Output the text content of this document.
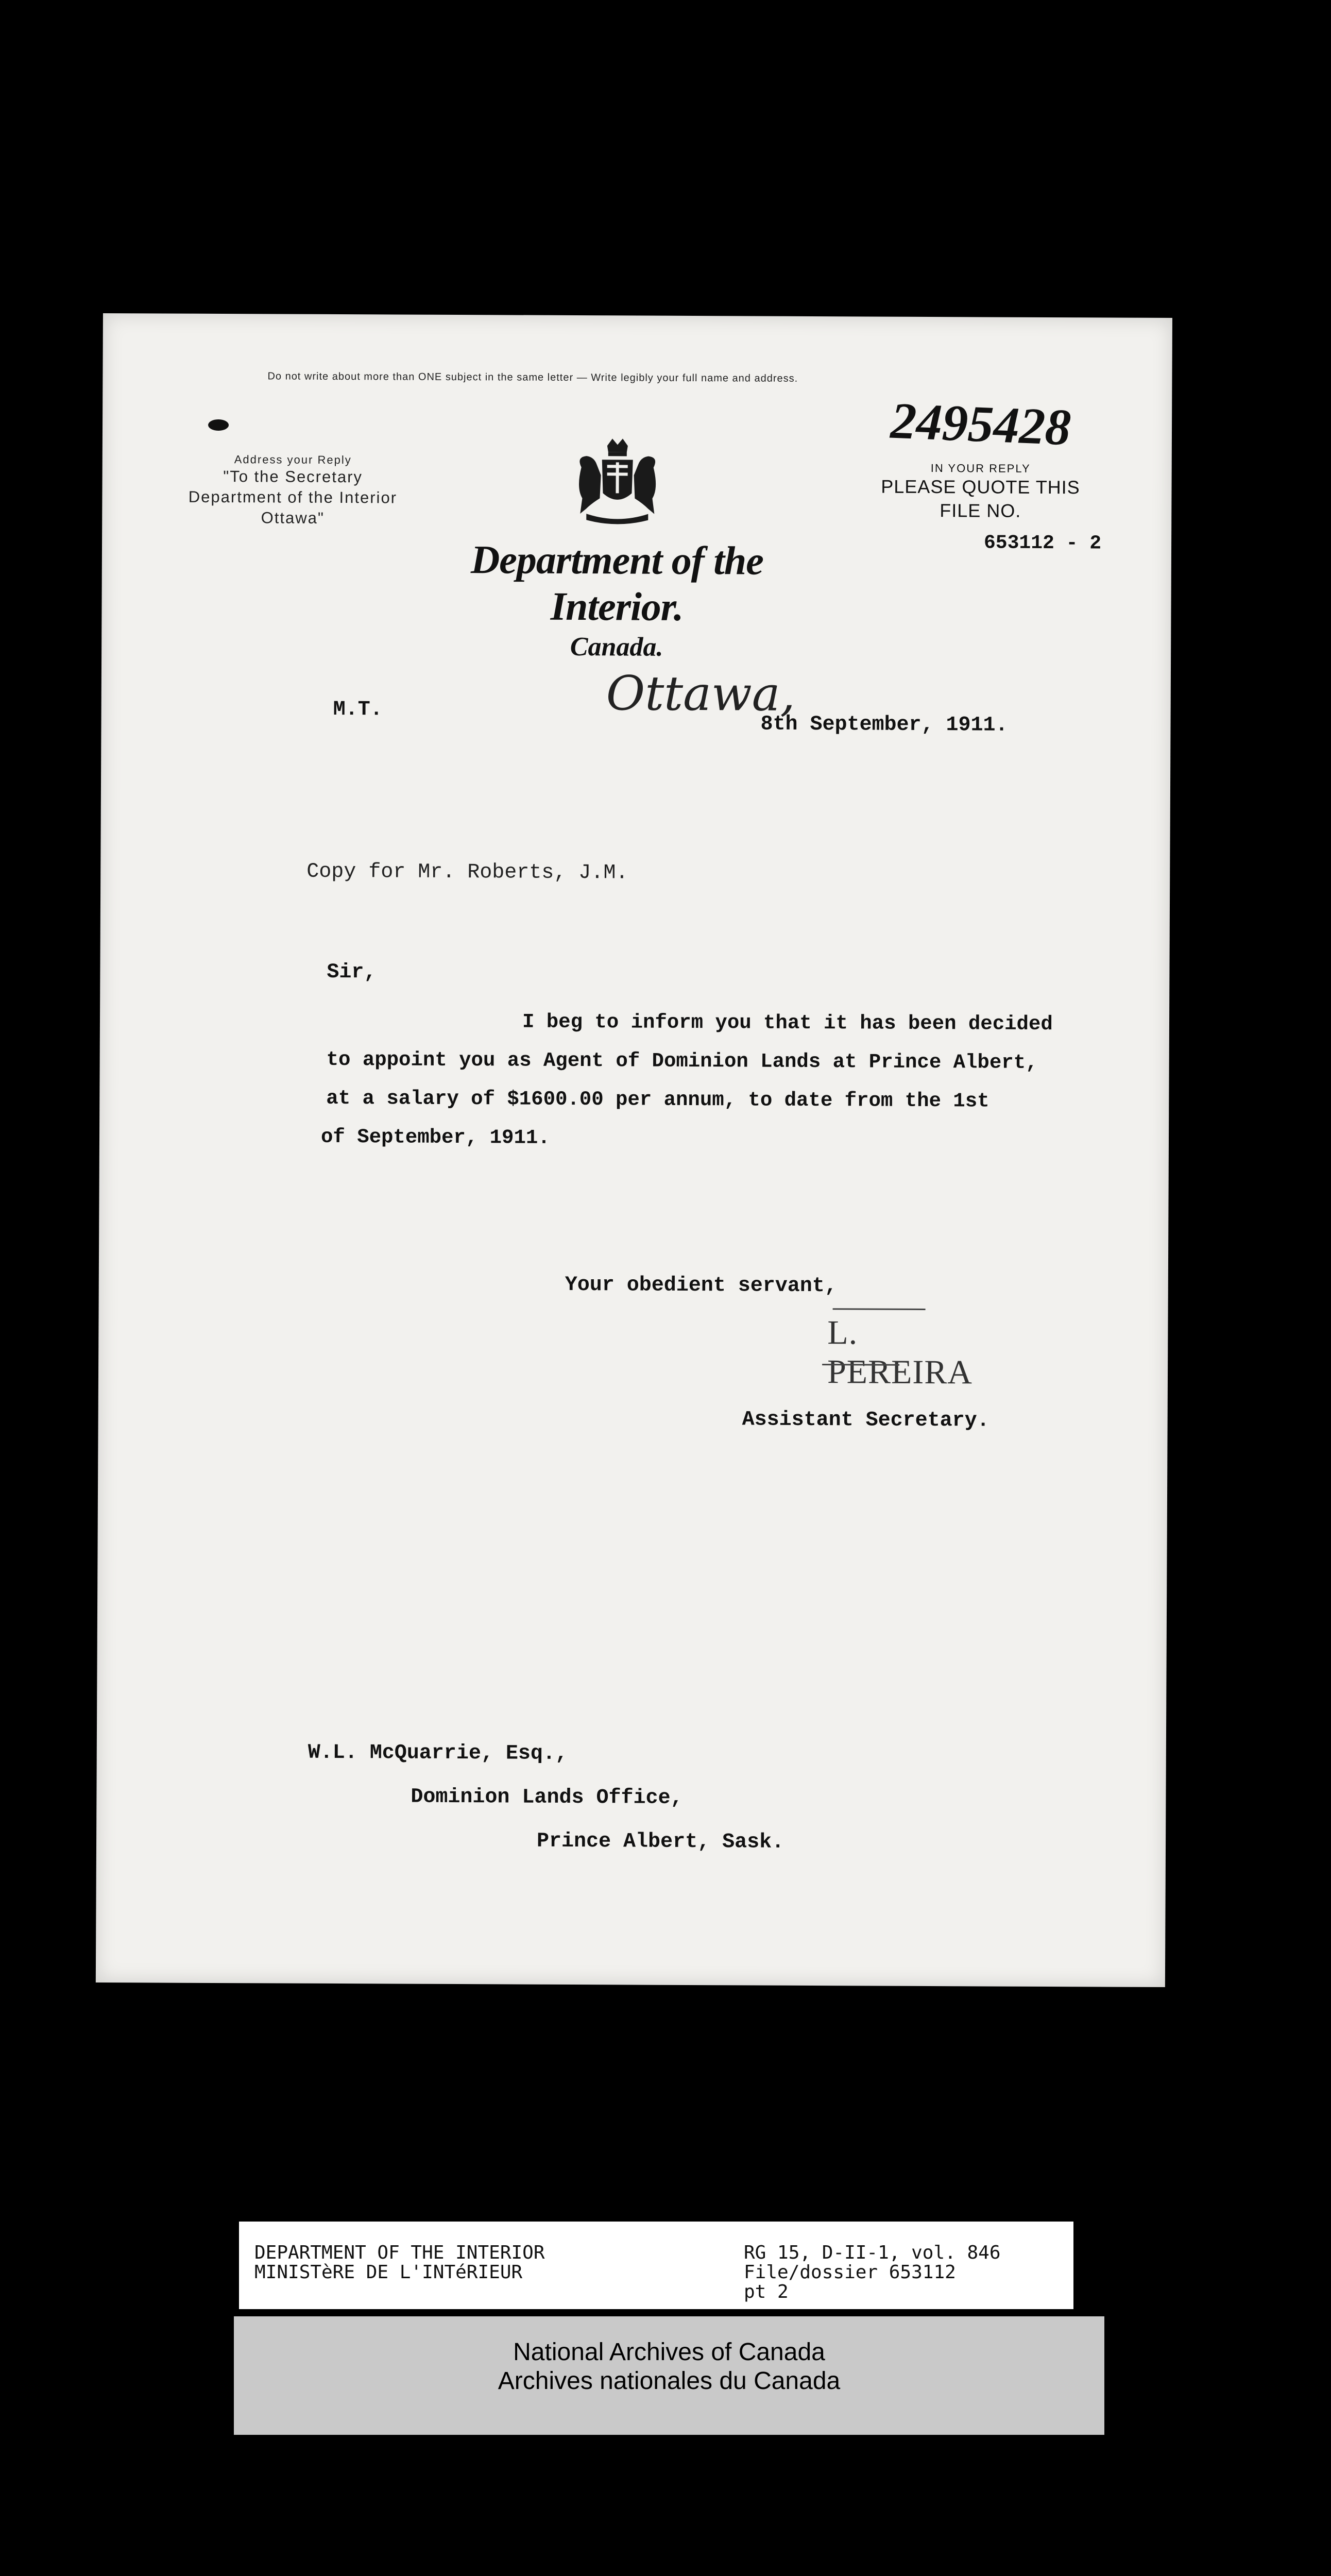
Do not write about more than ONE subject in the same letter — Write legibly your full name and address.
Address your Reply
"To the Secretary
Department of the Interior
Ottawa"
Department of the Interior.
Canada.
2495428
IN YOUR REPLY
PLEASE QUOTE THIS
FILE NO.
653112 - 2
M.T.	Ottawa,
8th September, 1911.
Copy for Mr. Roberts, J.M.
Sir,
I beg to inform you that it has been decided
to appoint you as Agent of Dominion Lands at Prince Albert,
at a salary of $1600.00 per annum, to date from the 1st
of September, 1911.
Your obedient servant,
L. PEREIRA
Assistant Secretary.
W.L. McQuarrie, Esq.,
Dominion Lands Office,
Prince Albert, Sask.
DEPARTMENT OF THE INTERIOR
MINISTèRE DE L'INTéRIEUR
RG 15, D-II-1, vol. 846
File/dossier 653112
pt 2
National Archives of Canada
Archives nationales du Canada
